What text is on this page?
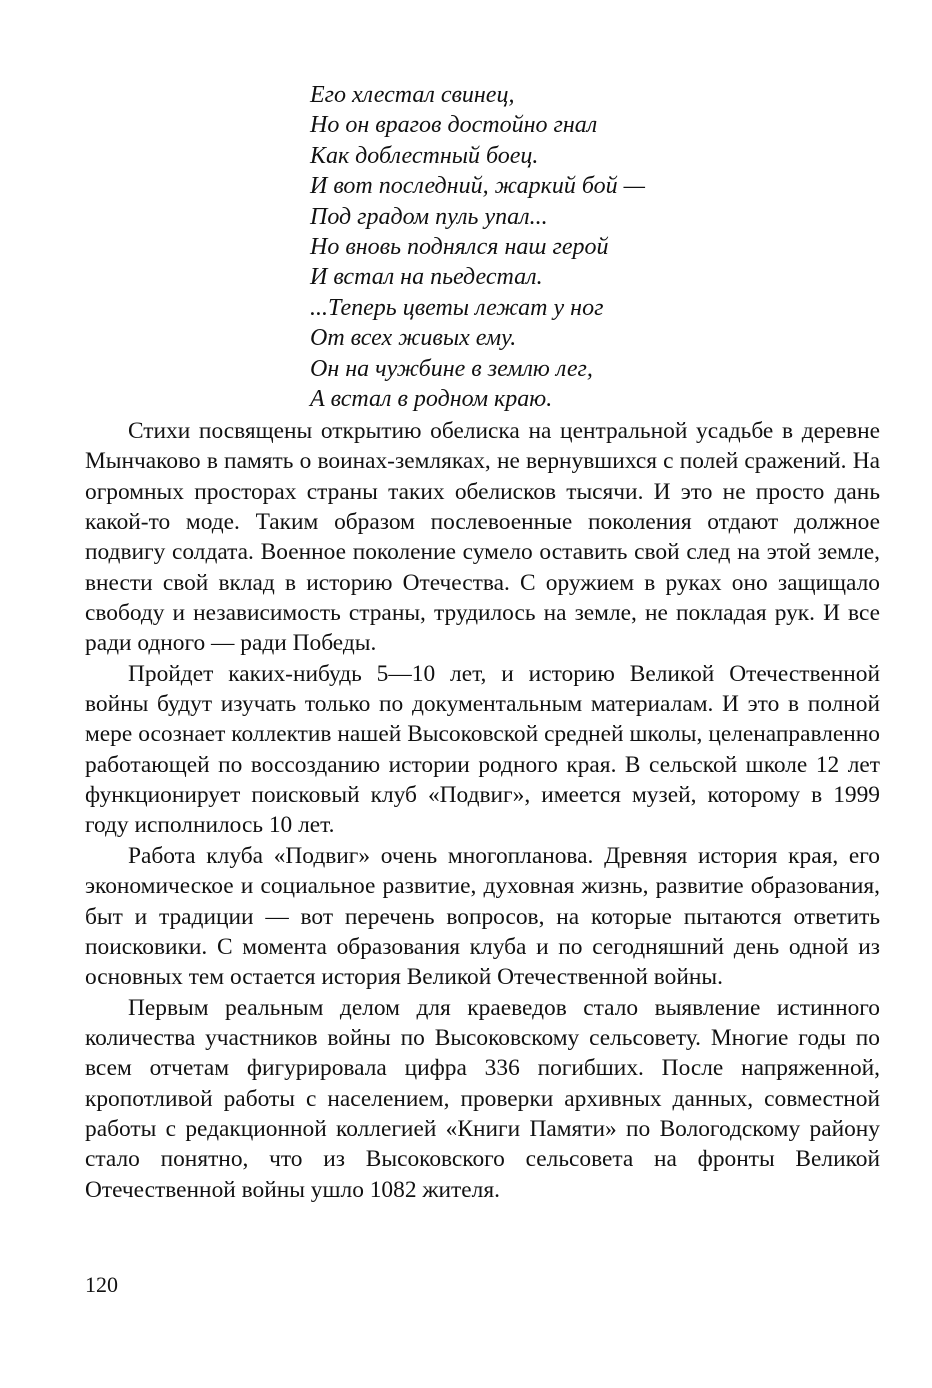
Его хлестал свинец,
Но он врагов достойно гнал
Как доблестный боец.
И вот последний, жаркий бой —
Под градом пуль упал...
Но вновь поднялся наш герой
И встал на пьедестал.
...Теперь цветы лежат у ног
От всех живых ему.
Он на чужбине в землю лег,
А встал в родном краю.

Стихи посвящены открытию обелиска на центральной усадьбе в деревне Мынчаково в память о воинах-земляках, не вернувшихся с полей сражений. На огромных просторах страны таких обелисков тысячи. И это не просто дань какой-то моде. Таким образом послевоенные поколения отдают должное подвигу солдата. Военное поколение сумело оставить свой след на этой земле, внести свой вклад в историю Отечества. С оружием в руках оно защищало свободу и независимость страны, трудилось на земле, не покладая рук. И все ради одного — ради Победы.

Пройдет каких-нибудь 5—10 лет, и историю Великой Отечественной войны будут изучать только по документальным материалам. И это в полной мере осознает коллектив нашей Высоковской средней школы, целенаправленно работающей по воссозданию истории родного края. В сельской школе 12 лет функционирует поисковый клуб «Подвиг», имеется музей, которому в 1999 году исполнилось 10 лет.

Работа клуба «Подвиг» очень многопланова. Древняя история края, его экономическое и социальное развитие, духовная жизнь, развитие образования, быт и традиции — вот перечень вопросов, на которые пытаются ответить поисковики. С момента образования клуба и по сегодняшний день одной из основных тем остается история Великой Отечественной войны.

Первым реальным делом для краеведов стало выявление истинного количества участников войны по Высоковскому сельсовету. Многие годы по всем отчетам фигурировала цифра 336 погибших. После напряженной, кропотливой работы с населением, проверки архивных данных, совместной работы с редакционной коллегией «Книги Памяти» по Вологодскому району стало понятно, что из Высоковского сельсовета на фронты Великой Отечественной войны ушло 1082 жителя.

120
